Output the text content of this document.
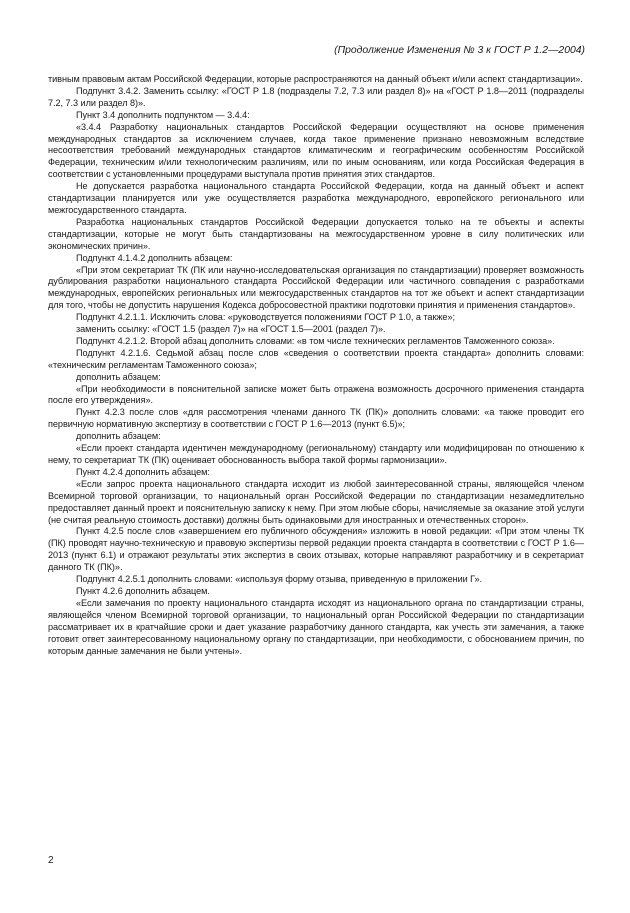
(Продолжение Изменения № 3 к ГОСТ Р 1.2—2004)

тивным правовым актам Российской Федерации, которые распространяются на данный объект и/или аспект стандартизации».

Подпункт 3.4.2. Заменить ссылку: «ГОСТ Р 1.8 (подразделы 7.2, 7.3 или раздел 8)» на «ГОСТ Р 1.8—2011 (подразделы 7.2, 7.3 или раздел 8)».

Пункт 3.4 дополнить подпунктом — 3.4.4:

«3.4.4 Разработку национальных стандартов Российской Федерации осуществляют на основе применения международных стандартов за исключением случаев, когда такое применение признано невозможным вследствие несоответствия требований международных стандартов климатическим и географическим особенностям Российской Федерации, техническим и/или технологическим различиям, или по иным основаниям, или когда Российская Федерация в соответствии с установленными процедурами выступала против принятия этих стандартов.

Не допускается разработка национального стандарта Российской Федерации, когда на данный объект и аспект стандартизации планируется или уже осуществляется разработка международного, европейского регионального или межгосударственного стандарта.

Разработка национальных стандартов Российской Федерации допускается только на те объекты и аспекты стандартизации, которые не могут быть стандартизованы на межгосударственном уровне в силу политических или экономических причин».

Подпункт 4.1.4.2 дополнить абзацем:

«При этом секретариат ТК (ПК или научно-исследовательская организация по стандартизации) проверяет возможность дублирования разработки национального стандарта Российской Федерации или частичного совпадения с разработками международных, европейских региональных или межгосударственных стандартов на тот же объект и аспект стандартизации для того, чтобы не допустить нарушения Кодекса добросовестной практики подготовки принятия и применения стандартов».

Подпункт 4.2.1.1. Исключить слова: «руководствуется положениями ГОСТ Р 1.0, а также»;

заменить ссылку: «ГОСТ 1.5 (раздел 7)» на «ГОСТ 1.5—2001 (раздел 7)».

Подпункт 4.2.1.2. Второй абзац дополнить словами: «в том числе технических регламентов Таможенного союза».

Подпункт 4.2.1.6. Седьмой абзац после слов «сведения о соответствии проекта стандарта» дополнить словами: «техническим регламентам Таможенного союза»;

дополнить абзацем:

«При необходимости в пояснительной записке может быть отражена возможность досрочного применения стандарта после его утверждения».

Пункт 4.2.3 после слов «для рассмотрения членами данного ТК (ПК)» дополнить словами: «а также проводит его первичную нормативную экспертизу в соответствии с ГОСТ Р 1.6—2013 (пункт 6.5)»;

дополнить абзацем:

«Если проект стандарта идентичен международному (региональному) стандарту или модифицирован по отношению к нему, то секретариат ТК (ПК) оценивает обоснованность выбора такой формы гармонизации».

Пункт 4.2.4 дополнить абзацем:

«Если запрос проекта национального стандарта исходит из любой заинтересованной страны, являющейся членом Всемирной торговой организации, то национальный орган Российской Федерации по стандартизации незамедлительно предоставляет данный проект и пояснительную записку к нему. При этом любые сборы, начисляемые за оказание этой услуги (не считая реальную стоимость доставки) должны быть одинаковыми для иностранных и отечественных сторон».

Пункт 4.2.5 после слов «завершением его публичного обсуждения» изложить в новой редакции: «При этом члены ТК (ПК) проводят научно-техническую и правовую экспертизы первой редакции проекта стандарта в соответствии с ГОСТ Р 1.6—2013 (пункт 6.1) и отражают результаты этих экспертиз в своих отзывах, которые направляют разработчику и в секретариат данного ТК (ПК)».

Подпункт 4.2.5.1 дополнить словами: «используя форму отзыва, приведенную в приложении Г».

Пункт 4.2.6 дополнить абзацем.

«Если замечания по проекту национального стандарта исходят из национального органа по стандартизации страны, являющейся членом Всемирной торговой организации, то национальный орган Российской Федерации по стандартизации рассматривает их в кратчайшие сроки и дает указание разработчику данного стандарта, как учесть эти замечания, а также готовит ответ заинтересованному национальному органу по стандартизации, при необходимости, с обоснованием причин, по которым данные замечания не были учтены».

2
